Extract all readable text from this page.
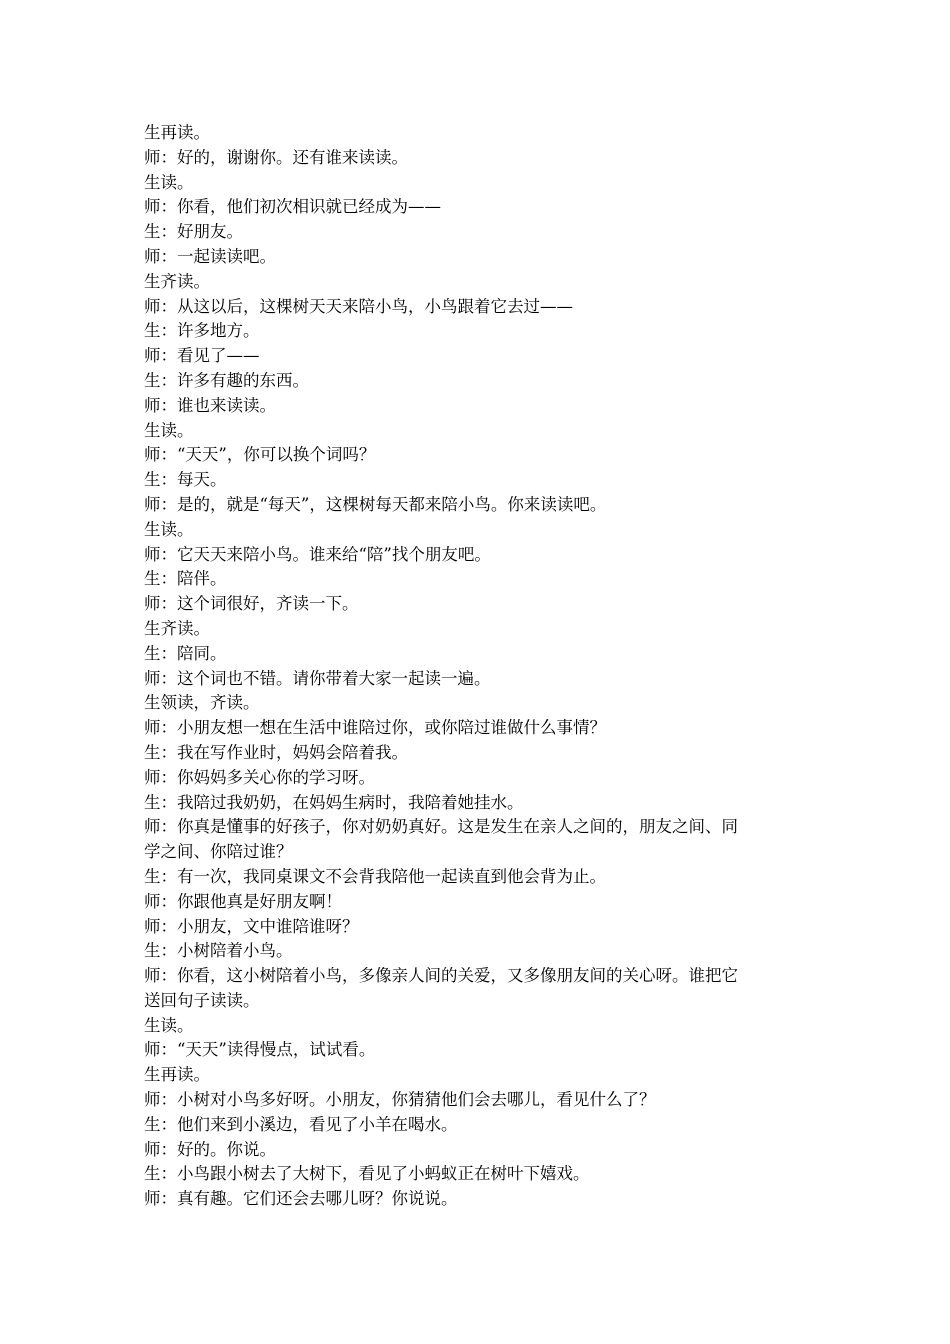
生再读。
师：好的，谢谢你。还有谁来读读。
生读。
师：你看，他们初次相识就已经成为——
生：好朋友。
师：一起读读吧。
生齐读。
师：从这以后，这棵树天天来陪小鸟，小鸟跟着它去过——
生：许多地方。
师：看见了——
生：许多有趣的东西。
师：谁也来读读。
生读。
师：“天天”，你可以换个词吗？
生：每天。
师：是的，就是“每天”，这棵树每天都来陪小鸟。你来读读吧。
生读。
师：它天天来陪小鸟。谁来给“陪”找个朋友吧。
生：陪伴。
师：这个词很好，齐读一下。
生齐读。
生：陪同。
师：这个词也不错。请你带着大家一起读一遍。
生领读，齐读。
师：小朋友想一想在生活中谁陪过你，或你陪过谁做什么事情？
生：我在写作业时，妈妈会陪着我。
师：你妈妈多关心你的学习呀。
生：我陪过我奶奶，在妈妈生病时，我陪着她挂水。
师：你真是懂事的好孩子，你对奶奶真好。这是发生在亲人之间的，朋友之间、同
学之间、你陪过谁？
生：有一次，我同桌课文不会背我陪他一起读直到他会背为止。
师：你跟他真是好朋友啊！
师：小朋友，文中谁陪谁呀？
生：小树陪着小鸟。
师：你看，这小树陪着小鸟，多像亲人间的关爱，又多像朋友间的关心呀。谁把它
送回句子读读。
生读。
师：“天天”读得慢点，试试看。
生再读。
师：小树对小鸟多好呀。小朋友，你猜猜他们会去哪儿，看见什么了？
生：他们来到小溪边，看见了小羊在喝水。
师：好的。你说。
生：小鸟跟小树去了大树下，看见了小蚂蚁正在树叶下嬉戏。
师：真有趣。它们还会去哪儿呀？你说说。
